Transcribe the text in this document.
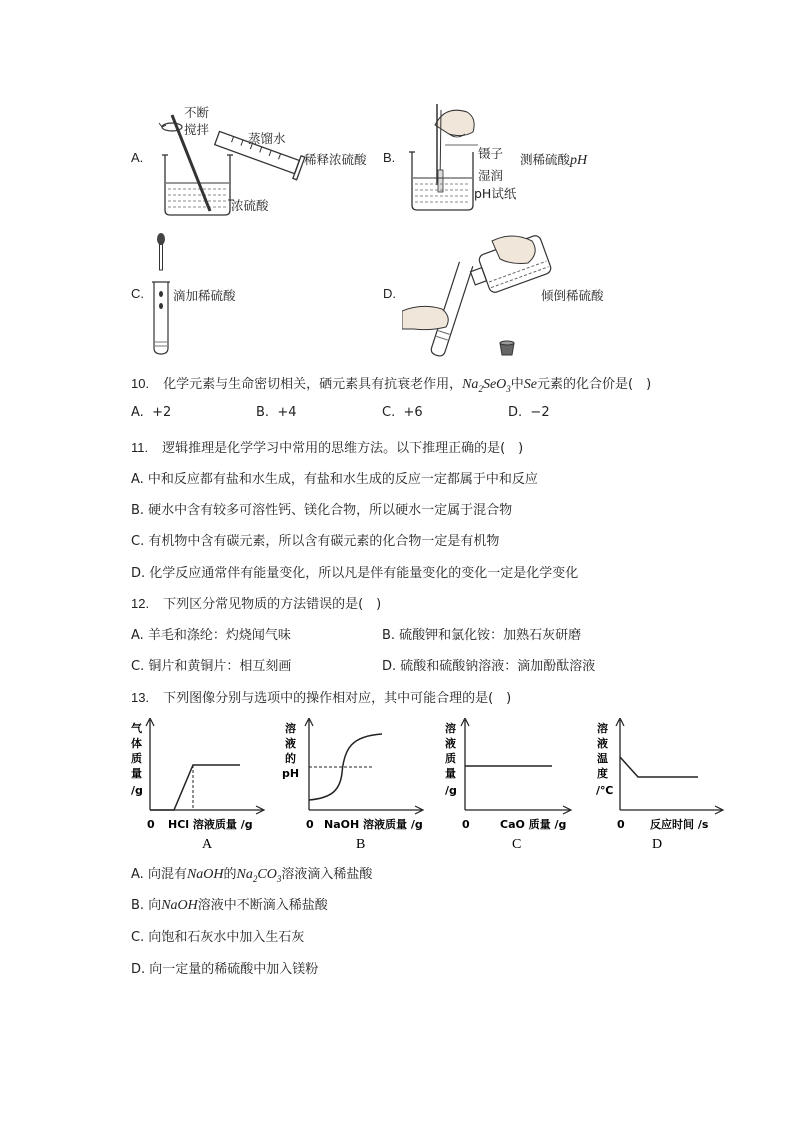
A.
不断
搅拌
蒸馏水
稀释浓硫酸
浓硫酸
B.	镊子 测稀硫酸pH
湿润
pH试纸
C. 滴加稀硫酸	D.	倾倒稀硫酸
10. 化学元素与生命密切相关，硒元素具有抗衰老作用，$Na_2SeO_3$中Se元素的化合价是(　)
A. +2	B. +4	C. +6	D. −2
11. 逻辑推理是化学学习中常用的思维方法。以下推理正确的是(　)
A. 中和反应都有盐和水生成，有盐和水生成的反应一定都属于中和反应
B. 硬水中含有较多可溶性钙、镁化合物，所以硬水一定属于混合物
C. 有机物中含有碳元素，所以含有碳元素的化合物一定是有机物
D. 化学反应通常伴有能量变化，所以凡是伴有能量变化的变化一定是化学变化
12. 下列区分常见物质的方法错误的是(　)
A. 羊毛和涤纶：灼烧闻气味	B. 硫酸钾和氯化铵：加熟石灰研磨
C. 铜片和黄铜片：相互刻画	D. 硫酸和硫酸钠溶液：滴加酚酞溶液
13. 下列图像分别与选项中的操作相对应，其中可能合理的是(　)
气
体
质
量
/g
0 HCl 溶液质量 /g
A
溶
液
的
pH
0 NaOH 溶液质量 /g
B
溶
液
质
量
/g
0	CaO 质量 /g
C
溶
液
温
度
/℃
0 反应时间 /s
D
A. 向混有NaOH的$Na_2CO_3$溶液滴入稀盐酸
B. 向NaOH溶液中不断滴入稀盐酸
C. 向饱和石灰水中加入生石灰
D. 向一定量的稀硫酸中加入镁粉
